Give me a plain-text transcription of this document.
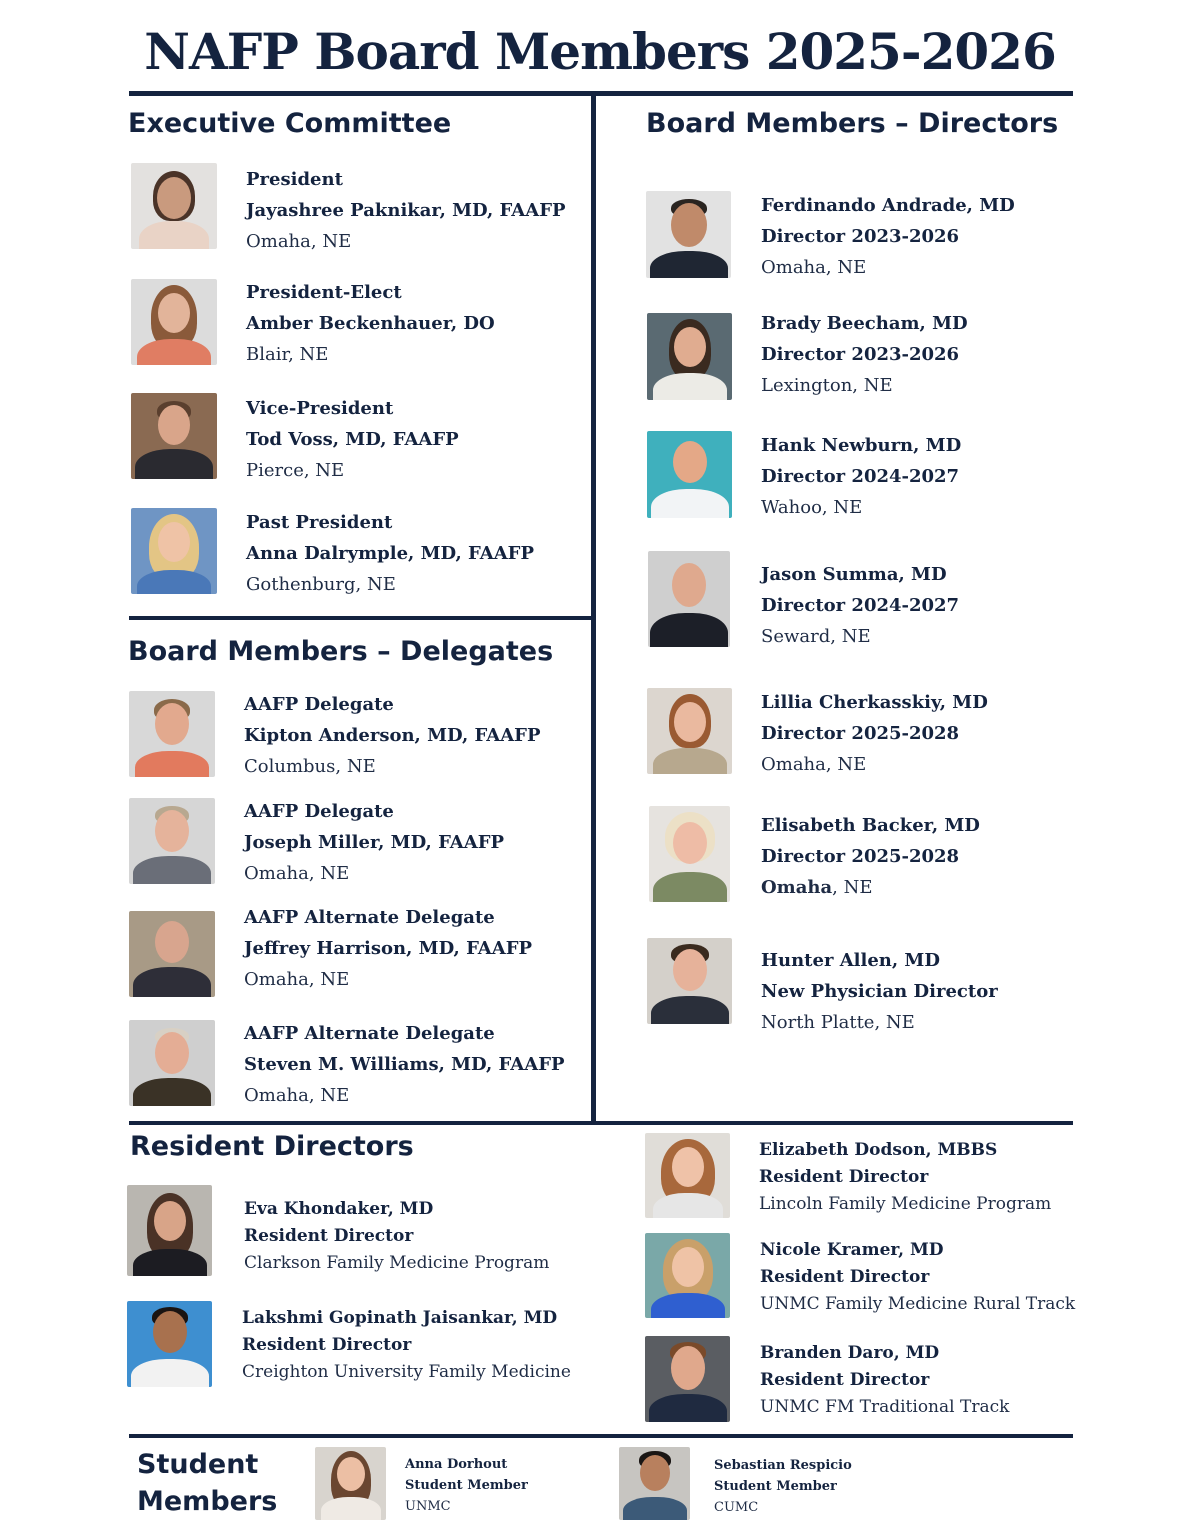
NAFP Board Members 2025-2026
Executive Committee	Board Members – Directors
Board Members – Delegates
Resident Directors
President
Jayashree Paknikar, MD, FAAFP
Omaha, NE
President-Elect
Amber Beckenhauer, DO
Blair, NE
Vice-President
Tod Voss, MD, FAAFP
Pierce, NE
Past President
Anna Dalrymple, MD, FAAFP
Gothenburg, NE
AAFP Delegate
Kipton Anderson, MD, FAAFP
Columbus, NE
AAFP Delegate
Joseph Miller, MD, FAAFP
Omaha, NE
AAFP Alternate Delegate
Jeffrey Harrison, MD, FAAFP
Omaha, NE
AAFP Alternate Delegate
Steven M. Williams, MD, FAAFP
Omaha, NE
Ferdinando Andrade, MD
Director 2023-2026
Omaha, NE
Brady Beecham, MD
Director 2023-2026
Lexington, NE
Hank Newburn, MD
Director 2024-2027
Wahoo, NE
Jason Summa, MD
Director 2024-2027
Seward, NE
Lillia Cherkasskiy, MD
Director 2025-2028
Omaha, NE
Elisabeth Backer, MD
Director 2025-2028
Omaha, NE
Hunter Allen, MD
New Physician Director
North Platte, NE
Eva Khondaker, MD
Resident Director
Clarkson Family Medicine Program
Lakshmi Gopinath Jaisankar, MD
Resident Director
Creighton University Family Medicine
Elizabeth Dodson, MBBS
Resident Director
Lincoln Family Medicine Program
Nicole Kramer, MD
Resident Director
UNMC Family Medicine Rural Track
Branden Daro, MD
Resident Director
UNMC FM Traditional Track
Student
Members
Anna Dorhout
Student Member
UNMC
Sebastian Respicio
Student Member
CUMC
